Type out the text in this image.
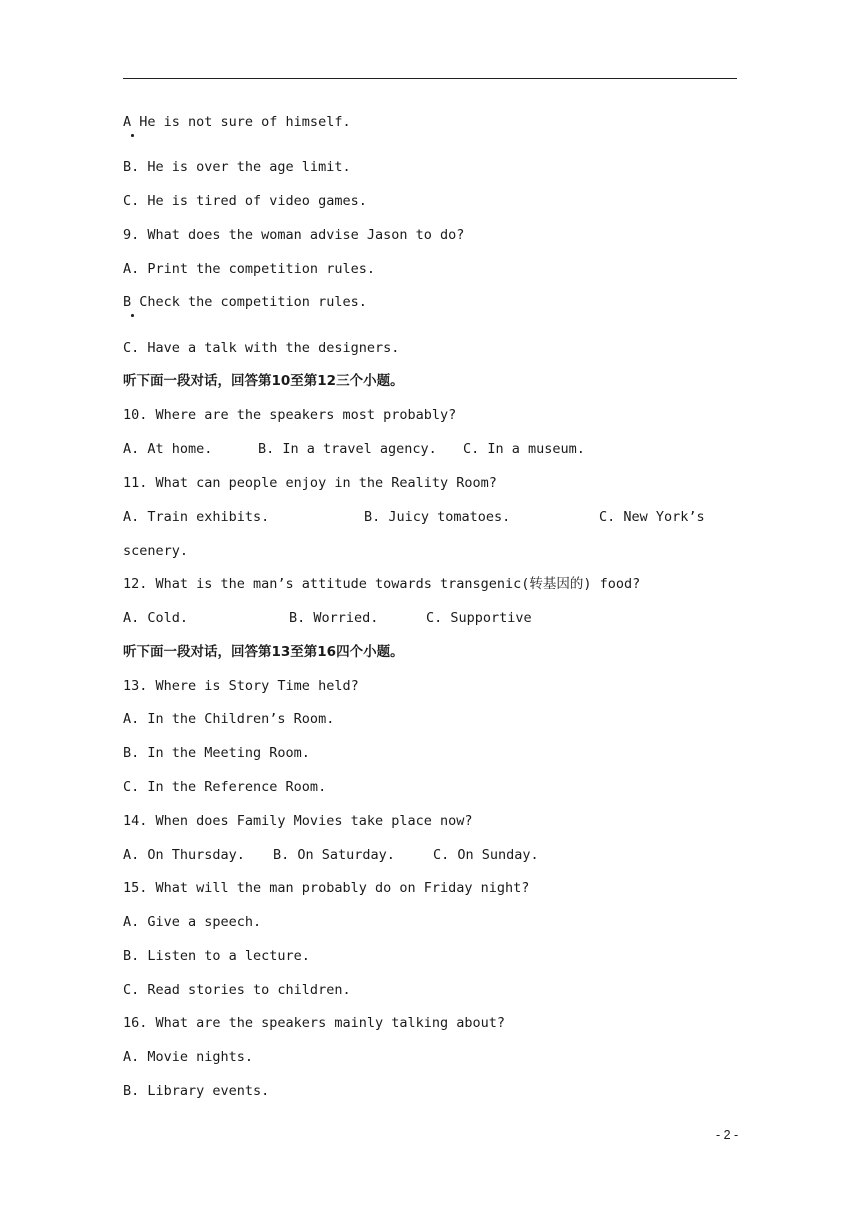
A He is not sure of himself.
B. He is over the age limit.
C. He is tired of video games.
9. What does the woman advise Jason to do?
A. Print the competition rules.
B Check the competition rules.
C. Have a talk with the designers.
听下面一段对话，回答第10至第12三个小题。
10. Where are the speakers most probably?
A. At home.	B. In a travel agency. C. In a museum.
11. What can people enjoy in the Reality Room?
A. Train exhibits.	B. Juicy tomatoes.	C. New York’s
scenery.
12. What is the man’s attitude towards transgenic(转基因的) food?
A. Cold.	B. Worried.	C. Supportive
听下面一段对话，回答第13至第16四个小题。
13. Where is Story Time held?
A. In the Children’s Room.
B. In the Meeting Room.
C. In the Reference Room.
14. When does Family Movies take place now?
A. On Thursday. B. On Saturday.	C. On Sunday.
15. What will the man probably do on Friday night?
A. Give a speech.
B. Listen to a lecture.
C. Read stories to children.
16. What are the speakers mainly talking about?
A. Movie nights.
B. Library events.
- 2 -
